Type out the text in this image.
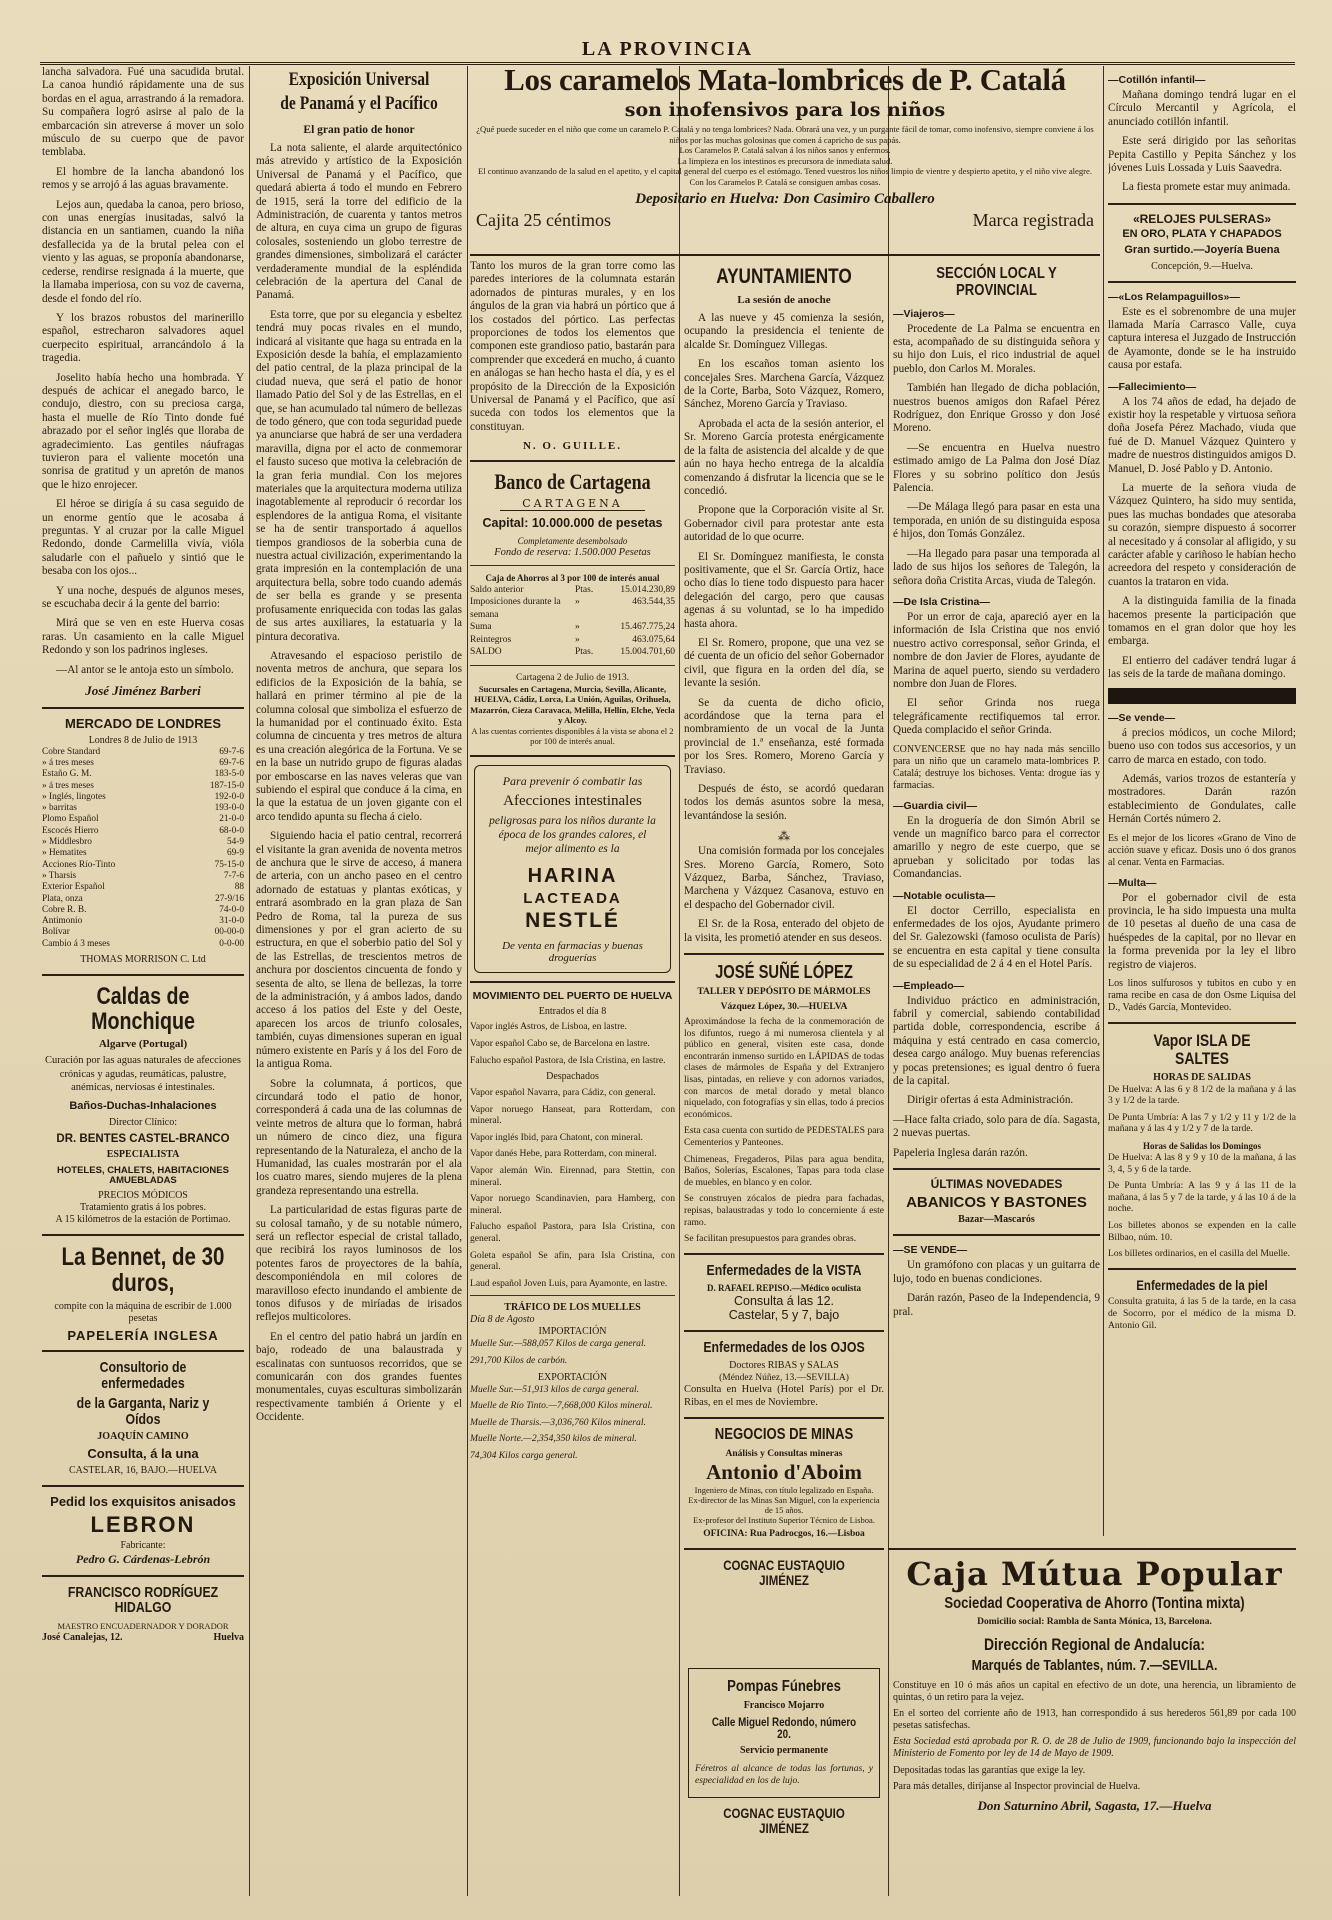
LA PROVINCIA

lancha salvadora. Fué una sacudida brutal. La canoa hundió rápidamente una de sus bordas en el agua, arrastrando á la remadora. Su compañera logró asirse al palo de la embarcación sin atreverse á mover un solo músculo de su cuerpo que de pavor temblaba.

El hombre de la lancha abandonó los remos y se arrojó á las aguas bravamente.

Lejos aun, quedaba la canoa, pero brioso, con unas energías inusitadas, salvó la distancia en un santiamen, cuando la niña desfallecida ya de la brutal pelea con el viento y las aguas, se proponía abandonarse, cederse, rendirse resignada á la muerte, que la llamaba imperiosa, con su voz de caverna, desde el fondo del río.

Y los brazos robustos del marinerillo español, estrecharon salvadores aquel cuerpecito espiritual, arrancándolo á la tragedia.

Joselito había hecho una hombrada. Y después de achicar el anegado barco, le condujo, diestro, con su preciosa carga, hasta el muelle de Río Tinto donde fué abrazado por el señor inglés que lloraba de agradecimiento. Las gentiles náufragas tuvieron para el valiente mocetón una sonrisa de gratitud y un apretón de manos que le hizo enrojecer.

El héroe se dirigía á su casa seguido de un enorme gentío que le acosaba á preguntas. Y al cruzar por la calle Miguel Redondo, donde Carmelilla vivía, vióla saludarle con el pañuelo y sintió que le besaba con los ojos...

Y una noche, después de algunos meses, se escuchaba decir á la gente del barrio:

Mirá que se ven en este Huerva cosas raras. Un casamiento en la calle Miguel Redondo y son los padrinos ingleses.

—Al antor se le antoja esto un símbolo.

José Jiménez Barberi
MERCADO DE LONDRES
Londres 8 de Julio de 1913
Cobre Standard	69-7-6
» á tres meses	69-7-6
Estaño G. M.	183-5-0
» á tres meses	187-15-0
» Inglés, lingotes	192-0-0
» barritas	193-0-0
Plomo Español	21-0-0
Escocés Hierro	68-0-0
» Middlesbro	54-9
» Hematites	69-9
Acciones Río-Tinto	75-15-0
» Tharsis	7-7-6
Exterior Español	88
Plata, onza	27-9/16
Cobre R. B.	74-0-0
Antimonio	31-0-0
Bolívar	00-00-0
Cambio á 3 meses	0-0-00
THOMAS MORRISON C. Ltd
Caldas de Monchique
Algarve (Portugal)

Curación por las aguas naturales de afecciones crónicas y agudas, reumáticas, palustre, anémicas, nerviosas é intestinales.

Baños-Duchas-Inhalaciones
Director Clínico:
DR. BENTES CASTEL-BRANCO
ESPECIALISTA
HOTELES, CHALETS, HABITACIONES AMUEBLADAS
PRECIOS MÓDICOS
Tratamiento gratis á los pobres.
A 15 kilómetros de la estación de Portimao.
La Bennet, de 30 duros,
compite con la máquina de escribir de 1.000 pesetas
PAPELERÍA INGLESA
Consultorio de enfermedades
de la Garganta, Nariz y Oídos
JOAQUÍN CAMINO
Consulta, á la una
CASTELAR, 16, BAJO.—HUELVA
Pedid los exquisitos anisados
LEBRON
Fabricante:
Pedro G. Cárdenas-Lebrón
FRANCISCO RODRÍGUEZ HIDALGO
MAESTRO ENCUADERNADOR Y DORADOR
José Canalejas, 12.	Huelva
Exposición Universal
de Panamá y el Pacífico
El gran patio de honor

La nota saliente, el alarde arquitectónico más atrevido y artístico de la Exposición Universal de Panamá y el Pacífico, que quedará abierta á todo el mundo en Febrero de 1915, será la torre del edificio de la Administración, de cuarenta y tantos metros de altura, en cuya cima un grupo de figuras colosales, sosteniendo un globo terrestre de grandes dimensiones, simbolizará el carácter verdaderamente mundial de la espléndida celebración de la apertura del Canal de Panamá.

Esta torre, que por su elegancia y esbeltez tendrá muy pocas rivales en el mundo, indicará al visitante que haga su entrada en la Exposición desde la bahía, el emplazamiento del patio central, de la plaza principal de la ciudad nueva, que será el patio de honor llamado Patio del Sol y de las Estrellas, en el que, se han acumulado tal número de bellezas de todo género, que con toda seguridad puede ya anunciarse que habrá de ser una verdadera maravilla, digna por el acto de conmemorar el fausto suceso que motiva la celebración de la gran feria mundial. Con los mejores materiales que la arquitectura moderna utiliza inagotablemente al reproducir ó recordar los esplendores de la antigua Roma, el visitante se ha de sentir transportado á aquellos tiempos grandiosos de la soberbia cuna de nuestra actual civilización, experimentando la grata impresión en la contemplación de una arquitectura bella, sobre todo cuando además de ser bella es grande y se presenta profusamente enriquecida con todas las galas de sus artes auxiliares, la estatuaria y la pintura decorativa.

Atravesando el espacioso peristilo de noventa metros de anchura, que separa los edificios de la Exposición de la bahía, se hallará en primer término al pie de la columna colosal que simboliza el esfuerzo de la humanidad por el continuado éxito. Esta columna de cincuenta y tres metros de altura es una creación alegórica de la Fortuna. Ve se en la base un nutrido grupo de figuras aladas por emboscarse en las naves veleras que van subiendo el espiral que conduce á la cima, en la que la estatua de un joven gigante con el arco tendido apunta su flecha á cielo.

Siguiendo hacia el patio central, recorrerá el visitante la gran avenida de noventa metros de anchura que le sirve de acceso, á manera de arteria, con un ancho paseo en el centro adornado de estatuas y plantas exóticas, y entrará asombrado en la gran plaza de San Pedro de Roma, tal la pureza de sus dimensiones y por el gran acierto de su estructura, en que el soberbio patio del Sol y de las Estrellas, de trescientos metros de anchura por doscientos cincuenta de fondo y sesenta de alto, se llena de bellezas, la torre de la administración, y á ambos lados, dando acceso á los patios del Este y del Oeste, aparecen los arcos de triunfo colosales, también, cuyas dimensiones superan en igual número existente en París y á los del Foro de la antigua Roma.

Sobre la columnata, á porticos, que circundará todo el patio de honor, corresponderá á cada una de las columnas de veinte metros de altura que lo forman, habrá un número de cinco diez, una figura representando de la Naturaleza, el ancho de la Humanidad, las cuales mostrarán por el ala los cuatro mares, siendo mujeres de la plena grandeza representando una estrella.

La particularidad de estas figuras parte de su colosal tamaño, y de su notable número, será un reflector especial de cristal tallado, que recibirá los rayos luminosos de los potentes faros de proyectores de la bahía, descomponiéndola en mil colores de maravilloso efecto inundando el ambiente de tonos difusos y de miríadas de irisados reflejos multicolores.

En el centro del patio habrá un jardín en bajo, rodeado de una balaustrada y escalinatas con suntuosos recorridos, que se comunicarán con dos grandes fuentes monumentales, cuyas esculturas simbolizarán respectivamente también á Oriente y el Occidente.

Los caramelos Mata-lombrices de P. Catalá
son inofensivos para los niños
¿Qué puede suceder en el niño que come un caramelo P. Catalá y no tenga lombrices? Nada. Obrará una vez, y un purgante fácil de tomar, como inofensivo, siempre conviene á los niños por las muchas golosinas que comen á capricho de sus papás.
Los Caramelos P. Catalá salvan á los niños sanos y enfermos.
La limpieza en los intestinos es precursora de inmediata salud.
El continuo avanzando de la salud en el apetito, y el capital general del cuerpo es el estómago. Tened vuestros los niños limpio de vientre y despierto apetito, y el niño vive alegre. Con los Caramelos P. Catalá se consiguen ambas cosas.
Depositario en Huelva: Don Casimiro Caballero
Cajita 25 céntimos	Marca registrada

Tanto los muros de la gran torre como las paredes interiores de la columnata estarán adornados de pinturas murales, y en los ángulos de la gran via habrá un pórtico que á los costados del pórtico. Las perfectas proporciones de todos los elementos que componen este grandioso patio, bastarán para comprender que excederá en mucho, á cuanto en análogas se han hecho hasta el día, y es el propósito de la Dirección de la Exposición Universal de Panamá y el Pacífico, que así suceda con todos los elementos que la constituyan.

N. O. GUILLE.
Banco de Cartagena
CARTAGENA
Capital: 10.000.000 de pesetas
Completamente desembolsado
Fondo de reserva: 1.500.000 Pesetas
Caja de Ahorros al 3 por 100 de interés anual
Saldo anterior	Ptas.	15.014.230,89
Imposiciones durante la semana
»	463.544,35
Suma	»	15.467.775,24
Reintegros	»	463.075,64
SALDO	Ptas.	15.004.701,60
Cartagena 2 de Julio de 1913.
Sucursales en Cartagena, Murcia, Sevilla, Alicante, HUELVA, Cádiz, Lorca, La Unión, Aguilas, Orihuela, Mazarrón, Cieza Caravaca, Melilla, Hellín, Elche, Yecla y Alcoy.
A las cuentas corrientes disponibles á la vista se abona el 2 por 100 de interés anual.
Para prevenir ó combatir las
Afecciones intestinales
peligrosas para los niños durante la época de los grandes calores, el mejor alimento es la
HARINA
LACTEADA
NESTLÉ
De venta en farmacias y buenas droguerías
MOVIMIENTO DEL PUERTO DE HUELVA
Entrados el día 8

Vapor inglés Astros, de Lisboa, en lastre.

Vapor español Cabo se, de Barcelona en lastre.

Falucho español Pastora, de Isla Cristina, en lastre.

Despachados

Vapor español Navarra, para Cádiz, con general.

Vapor noruego Hanseat, para Rotterdam, con mineral.

Vapor inglés Ibid, para Chatont, con mineral.

Vapor danés Hebe, para Rotterdam, con mineral.

Vapor alemán Win. Eirennad, para Stettin, con mineral.

Vapor noruego Scandinavien, para Hamberg, con mineral.

Falucho español Pastora, para Isla Cristina, con general.

Goleta español Se afin, para Isla Cristina, con general.

Laud español Joven Luis, para Ayamonte, en lastre.

TRÁFICO DE LOS MUELLES
Día 8 de Agosto
IMPORTACIÓN

Muelle Sur.—588,057 Kilos de carga general.

291,700 Kilos de carbón.

EXPORTACIÓN

Muelle Sur.—51,913 kilos de carga general.

Muelle de Río Tinto.—7,668,000 Kilos mineral.

Muelle de Tharsis.—3,036,760 Kilos mineral.

Muelle Norte.—2,354,350 kilos de mineral.

74,304 Kilos carga general.

AYUNTAMIENTO
La sesión de anoche

A las nueve y 45 comienza la sesión, ocupando la presidencia el teniente de alcalde Sr. Domínguez Villegas.

En los escaños toman asiento los concejales Sres. Marchena García, Vázquez de la Corte, Barba, Soto Vázquez, Romero, Sánchez, Moreno García y Traviaso.

Aprobada el acta de la sesión anterior, el Sr. Moreno García protesta enérgicamente de la falta de asistencia del alcalde y de que aún no haya hecho entrega de la alcaldía comenzando á disfrutar la licencia que se le concedió.

Propone que la Corporación visite al Sr. Gobernador civil para protestar ante esta autoridad de lo que ocurre.

El Sr. Domínguez manifiesta, le consta positivamente, que el Sr. García Ortiz, hace ocho días lo tiene todo dispuesto para hacer delegación del cargo, pero que causas agenas á su voluntad, se lo ha impedido hasta ahora.

El Sr. Romero, propone, que una vez se dé cuenta de un oficio del señor Gobernador civil, que figura en la orden del día, se levante la sesión.

Se da cuenta de dicho oficio, acordándose que la terna para el nombramiento de un vocal de la Junta provincial de 1.ª enseñanza, esté formada por los Sres. Romero, Moreno García y Traviaso.

Después de ésto, se acordó quedaran todos los demás asuntos sobre la mesa, levantándose la sesión.

⁂

Una comisión formada por los concejales Sres. Moreno García, Romero, Soto Vázquez, Barba, Sánchez, Traviaso, Marchena y Vázquez Casanova, estuvo en el despacho del Gobernador civil.

El Sr. de la Rosa, enterado del objeto de la visita, les prometió atender en sus deseos.

JOSÉ SUÑÉ LÓPEZ
TALLER Y DEPÓSITO DE MÁRMOLES
Vázquez López, 30.—HUELVA

Aproximándose la fecha de la conmemoración de los difuntos, ruego á mi numerosa clientela y al público en general, visiten este casa, donde encontrarán inmenso surtido en LÁPIDAS de todas clases de mármoles de España y del Extranjero lisas, pintadas, en relieve y con adornos variados, con marcos de metal dorado y metal blanco niquelado, con fotografías y sin ellas, todo á precios económicos.

Esta casa cuenta con surtido de PEDESTALES para Cementerios y Panteones.

Chimeneas, Fregaderos, Pilas para agua bendita, Baños, Solerías, Escalones, Tapas para toda clase de muebles, en blanco y en color.

Se construyen zócalos de piedra para fachadas, repisas, balaustradas y todo lo concerniente á este ramo.

Se facilitan presupuestos para grandes obras.

Enfermedades de la VISTA
D. RAFAEL REPISO.—Médico oculista
Consulta á las 12.
Castelar, 5 y 7, bajo
Enfermedades de los OJOS
Doctores RIBAS y SALAS
(Méndez Núñez, 13.—SEVILLA)

Consulta en Huelva (Hotel París) por el Dr. Ribas, en el mes de Noviembre.

NEGOCIOS DE MINAS
Análisis y Consultas mineras
Antonio d'Aboim
Ingeniero de Minas, con título legalizado en España.
Ex-director de las Minas San Miguel, con la experiencia de 15 años.
Ex-profesor del Instituto Superior Técnico de Lisboa.
OFICINA: Rua Padrocgos, 16.—Lisboa
COGNAC EUSTAQUIO JIMÉNEZ
SECCIÓN LOCAL Y PROVINCIAL
—Viajeros—

Procedente de La Palma se encuentra en esta, acompañado de su distinguida señora y su hijo don Luis, el rico industrial de aquel pueblo, don Carlos M. Morales.

También han llegado de dicha población, nuestros buenos amigos don Rafael Pérez Rodríguez, don Enrique Grosso y don José Moreno.

—Se encuentra en Huelva nuestro estimado amigo de La Palma don José Díaz Flores y su sobrino político don Jesús Palencia.

—De Málaga llegó para pasar en esta una temporada, en unión de su distinguida esposa é hijos, don Tomás González.

—Ha llegado para pasar una temporada al lado de sus hijos los señores de Talegón, la señora doña Cristita Arcas, viuda de Talegón.

—De Isla Cristina—

Por un error de caja, apareció ayer en la información de Isla Cristina que nos envió nuestro activo corresponsal, señor Grinda, el nombre de don Javier de Flores, ayudante de Marina de aquel puerto, siendo su verdadero nombre don Juan de Flores.

El señor Grinda nos ruega telegráficamente rectifiquemos tal error. Queda complacido el señor Grinda.

CONVENCERSE que no hay nada más sencillo para un niño que un caramelo mata-lombrices P. Catalá; destruye los bichoses. Venta: drogue ías y farmacias.

—Guardia civil—

En la droguería de don Simón Abril se vende un magnífico barco para el corrector amarillo y negro de este cuerpo, que se aprueban y solicitado por todas las Comandancias.

—Notable oculista—

El doctor Cerrillo, especialista en enfermedades de los ojos, Ayudante primero del Sr. Galezowski (famoso oculista de París) se encuentra en esta capital y tiene consulta de su especialidad de 2 á 4 en el Hotel París.

—Empleado—

Individuo práctico en administración, fabril y comercial, sabiendo contabilidad partida doble, correspondencia, escribe á máquina y está centrado en casa comercio, desea cargo análogo. Muy buenas referencias y pocas pretensiones; es igual dentro ó fuera de la capital.

Dirigir ofertas á esta Administración.

—Hace falta criado, solo para de día. Sagasta, 2 nuevas puertas.

Papeleria Inglesa darán razón.

ÚLTIMAS NOVEDADES
ABANICOS Y BASTONES
Bazar—Mascarós
—SE VENDE—

Un gramófono con placas y un guitarra de lujo, todo en buenas condiciones.

Darán razón, Paseo de la Independencia, 9 pral.

—Cotillón infantil—

Mañana domingo tendrá lugar en el Círculo Mercantil y Agrícola, el anunciado cotillón infantil.

Este será dirigido por las señoritas Pepita Castillo y Pepita Sánchez y los jóvenes Luis Lossada y Luis Saavedra.

La fiesta promete estar muy animada.

«RELOJES PULSERAS»
EN ORO, PLATA Y CHAPADOS
Gran surtido.—Joyería Buena
Concepción, 9.—Huelva.
—«Los Relampaguillos»—

Este es el sobrenombre de una mujer llamada María Carrasco Valle, cuya captura interesa el Juzgado de Instrucción de Ayamonte, donde se le ha instruido causa por estafa.

—Fallecimiento—

A los 74 años de edad, ha dejado de existir hoy la respetable y virtuosa señora doña Josefa Pérez Machado, viuda que fué de D. Manuel Vázquez Quintero y madre de nuestros distinguidos amigos D. Manuel, D. José Pablo y D. Antonio.

La muerte de la señora viuda de Vázquez Quintero, ha sido muy sentida, pues las muchas bondades que atesoraba su corazón, siempre dispuesto á socorrer al necesitado y á consolar al afligido, y su carácter afable y cariñoso le habían hecho acreedora del respeto y consideración de cuantos la trataron en vida.

A la distinguida familia de la finada hacemos presente la participación que tomamos en el gran dolor que hoy les embarga.

El entierro del cadáver tendrá lugar á las seis de la tarde de mañana domingo.

—Se vende—

á precios módicos, un coche Milord; bueno uso con todos sus accesorios, y un carro de marca en estado, con todo.

Además, varios trozos de estantería y mostradores. Darán razón establecimiento de Gondulates, calle Hernán Cortés número 2.

Es el mejor de los licores «Grano de Vino de acción suave y eficaz. Dosis uno ó dos granos al cenar. Venta en Farmacias.

—Multa—

Por el gobernador civil de esta provincia, le ha sido impuesta una multa de 10 pesetas al dueño de una casa de huéspedes de la capital, por no llevar en la forma prevenida por la ley el libro registro de viajeros.

Los linos sulfurosos y tubitos en cubo y en rama recibe en casa de don Osme Liquisa del D., Vadés García, Montevideo.

Vapor ISLA DE SALTES
HORAS DE SALIDAS

De Huelva: A las 6 y 8 1/2 de la mañana y á las 3 y 1/2 de la tarde.

De Punta Umbría: A las 7 y 1/2 y 11 y 1/2 de la mañana y á las 4 y 1/2 y 7 de la tarde.

Horas de Salidas los Domingos

De Huelva: A las 8 y 9 y 10 de la mañana, á las 3, 4, 5 y 6 de la tarde.

De Punta Umbría: A las 9 y á las 11 de la mañana, á las 5 y 7 de la tarde, y á las 10 á de la noche.

Los billetes abonos se expenden en la calle Bilbao, núm. 10.

Los billetes ordinarios, en el casilla del Muelle.

Enfermedades de la piel

Consulta gratuita, á las 5 de la tarde, en la casa de Socorro, por el médico de la misma D. Antonio Gil.

Caja Mútua Popular
Sociedad Cooperativa de Ahorro (Tontina mixta)
Domicilio social: Rambla de Santa Mónica, 13, Barcelona.
Dirección Regional de Andalucía:
Marqués de Tablantes, núm. 7.—SEVILLA.

Constituye en 10 ó más años un capital en efectivo de un dote, una herencia, un libramiento de quintas, ó un retiro para la vejez.

En el sorteo del corriente año de 1913, han correspondido á sus herederos 561,89 por cada 100 pesetas satisfechas.

Esta Sociedad está aprobada por R. O. de 28 de Julio de 1909, funcionando bajo la inspección del Ministerio de Fomento por ley de 14 de Mayo de 1909.

Depositadas todas las garantías que exige la ley.

Para más detalles, diríjanse al Inspector provincial de Huelva.

Don Saturnino Abril, Sagasta, 17.—Huelva
Pompas Fúnebres
Francisco Mojarro
Calle Miguel Redondo, número 20.
Servicio permanente

Féretros al alcance de todas las fortunas, y especialidad en los de lujo.

COGNAC EUSTAQUIO JIMÉNEZ
